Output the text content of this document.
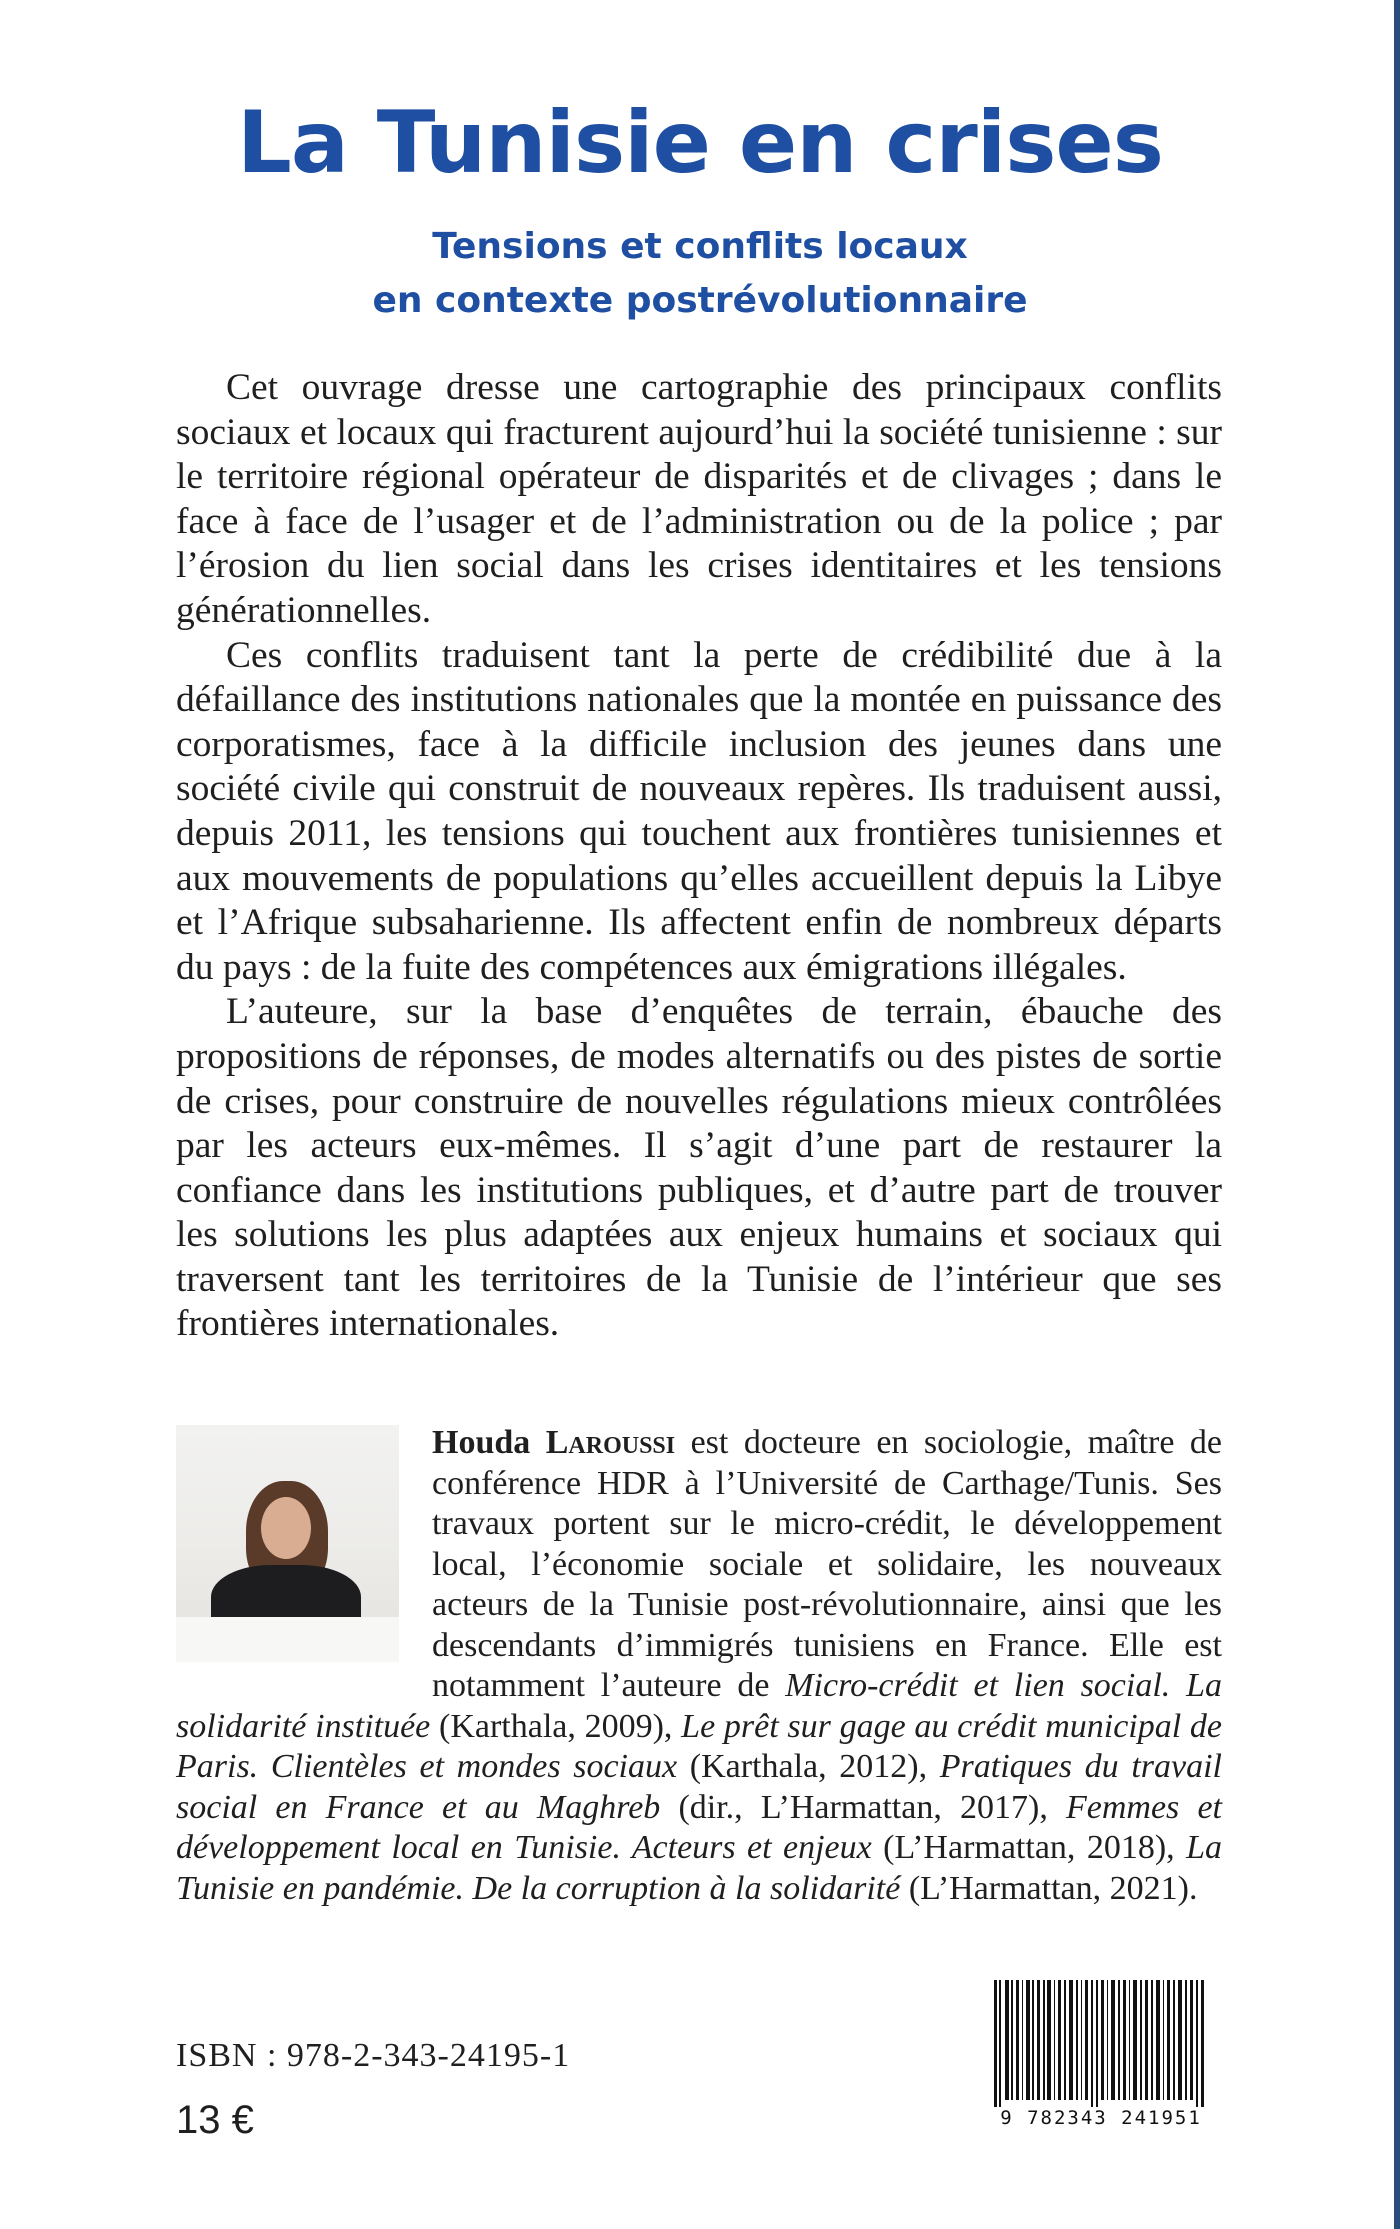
La Tunisie en crises
Tensions et conflits locaux
en contexte postrévolutionnaire

Cet ouvrage dresse une cartographie des principaux conflits sociaux et locaux qui fracturent aujourd’hui la société tunisienne : sur le territoire régional opérateur de disparités et de clivages ; dans le face à face de l’usager et de l’administration ou de la police ; par l’érosion du lien social dans les crises identitaires et les tensions générationnelles.

Ces conflits traduisent tant la perte de crédibilité due à la défaillance des institutions nationales que la montée en puissance des corporatismes, face à la difficile inclusion des jeunes dans une société civile qui construit de nouveaux repères. Ils traduisent aussi, depuis 2011, les tensions qui touchent aux frontières tunisiennes et aux mouvements de populations qu’elles accueillent depuis la Libye et l’Afrique subsaharienne. Ils affectent enfin de nombreux départs du pays : de la fuite des compétences aux émigrations illégales.

L’auteure, sur la base d’enquêtes de terrain, ébauche des propositions de réponses, de modes alternatifs ou des pistes de sortie de crises, pour construire de nouvelles régulations mieux contrôlées par les acteurs eux-mêmes. Il s’agit d’une part de restaurer la confiance dans les institutions publiques, et d’autre part de trouver les solutions les plus adaptées aux enjeux humains et sociaux qui traversent tant les territoires de la Tunisie de l’intérieur que ses frontières internationales.

Houda Laroussi est docteure en sociologie, maître de conférence HDR à l’Université de Carthage/Tunis. Ses travaux portent sur le micro-crédit, le développement local, l’économie sociale et solidaire, les nouveaux acteurs de la Tunisie post-révolutionnaire, ainsi que les descendants d’immigrés tunisiens en France. Elle est notamment l’auteure de Micro-crédit et lien social. La solidarité instituée (Karthala, 2009), Le prêt sur gage au crédit municipal de Paris. Clientèles et mondes sociaux (Karthala, 2012), Pratiques du travail social en France et au Maghreb (dir., L’Harmattan, 2017), Femmes et développement local en Tunisie. Acteurs et enjeux (L’Harmattan, 2018), La Tunisie en pandémie. De la corruption à la solidarité (L’Harmattan, 2021).
ISBN : 978-2-343-24195-1
13 €	9 782343 241951
